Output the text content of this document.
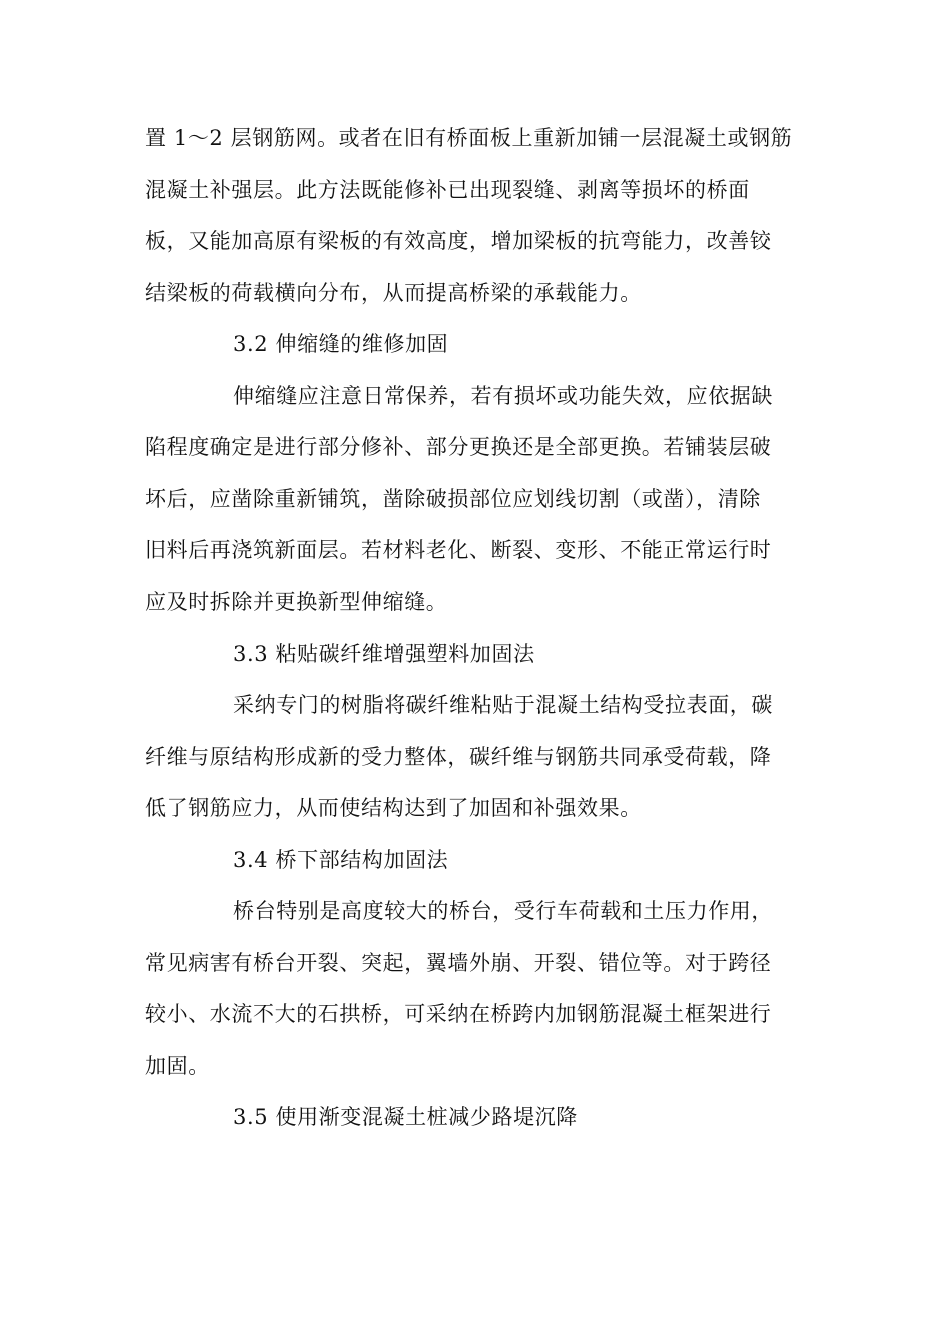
置 1～2 层钢筋网。或者在旧有桥面板上重新加铺一层混凝土或钢筋
混凝土补强层。此方法既能修补已出现裂缝、剥离等损坏的桥面
板，又能加高原有梁板的有效高度，增加梁板的抗弯能力，改善铰
结梁板的荷载横向分布，从而提高桥梁的承载能力。
3.2 伸缩缝的维修加固
伸缩缝应注意日常保养，若有损坏或功能失效，应依据缺
陷程度确定是进行部分修补、部分更换还是全部更换。若铺装层破
坏后，应凿除重新铺筑，凿除破损部位应划线切割（或凿），清除
旧料后再浇筑新面层。若材料老化、断裂、变形、不能正常运行时
应及时拆除并更换新型伸缩缝。
3.3 粘贴碳纤维增强塑料加固法
采纳专门的树脂将碳纤维粘贴于混凝土结构受拉表面，碳
纤维与原结构形成新的受力整体，碳纤维与钢筋共同承受荷载，降
低了钢筋应力，从而使结构达到了加固和补强效果。
3.4 桥下部结构加固法
桥台特别是高度较大的桥台，受行车荷载和土压力作用，
常见病害有桥台开裂、突起，翼墙外崩、开裂、错位等。对于跨径
较小、水流不大的石拱桥，可采纳在桥跨内加钢筋混凝土框架进行
加固。
3.5 使用渐变混凝土桩减少路堤沉降
